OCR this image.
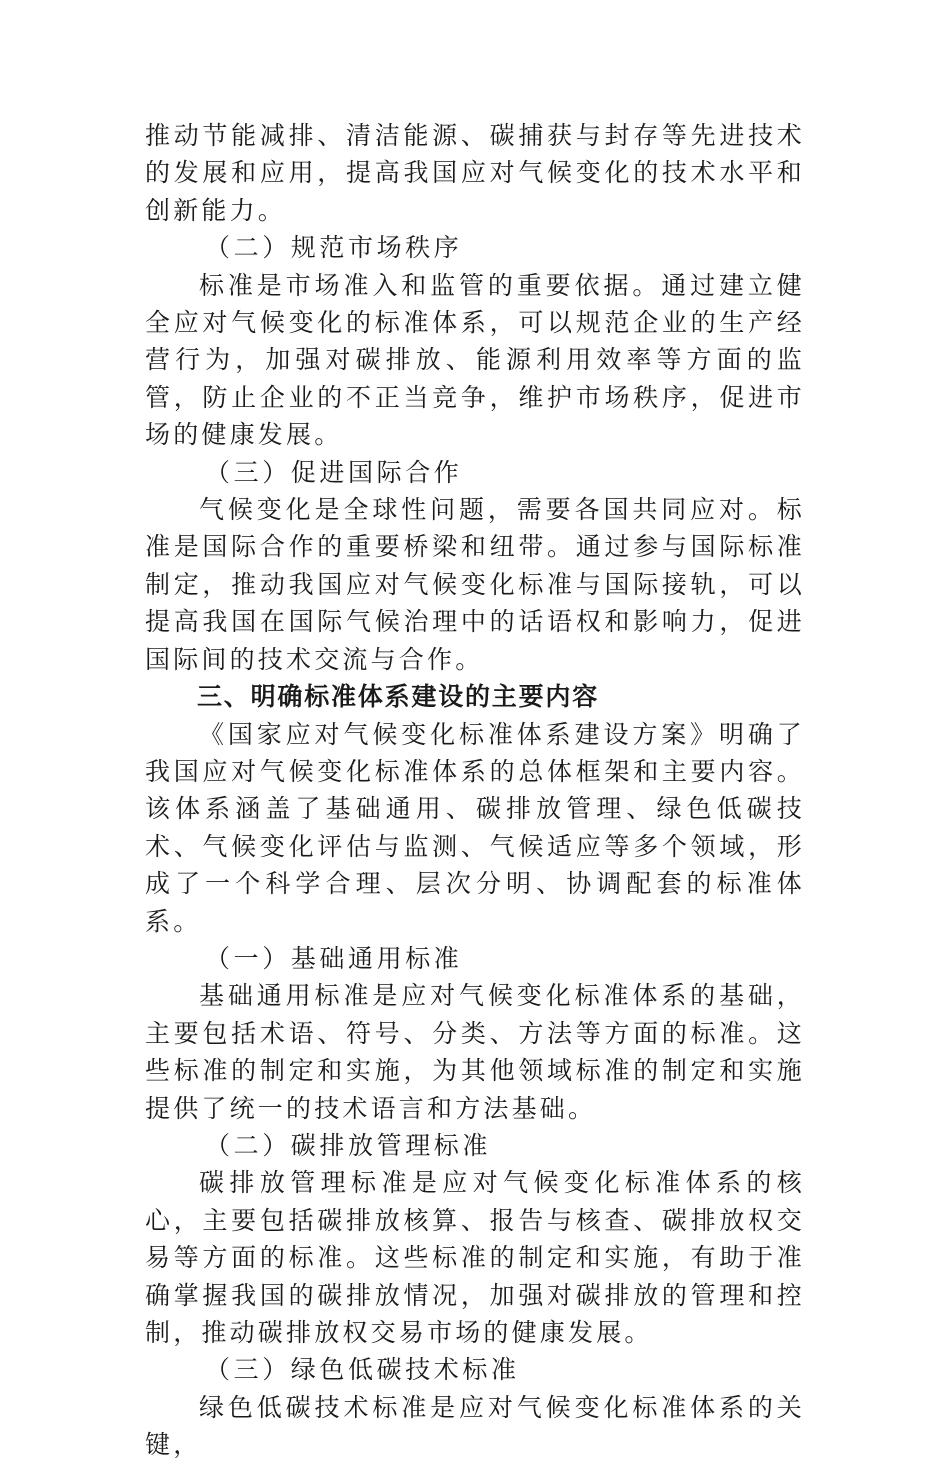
推动节能减排、清洁能源、碳捕获与封存等先进技术的发展和应用，提高我国应对气候变化的技术水平和创新能力。

（二）规范市场秩序

标准是市场准入和监管的重要依据。通过建立健全应对气候变化的标准体系，可以规范企业的生产经营行为，加强对碳排放、能源利用效率等方面的监管，防止企业的不正当竞争，维护市场秩序，促进市场的健康发展。

（三）促进国际合作

气候变化是全球性问题，需要各国共同应对。标准是国际合作的重要桥梁和纽带。通过参与国际标准制定，推动我国应对气候变化标准与国际接轨，可以提高我国在国际气候治理中的话语权和影响力，促进国际间的技术交流与合作。

三、明确标准体系建设的主要内容

《国家应对气候变化标准体系建设方案》明确了我国应对气候变化标准体系的总体框架和主要内容。该体系涵盖了基础通用、碳排放管理、绿色低碳技术、气候变化评估与监测、气候适应等多个领域，形成了一个科学合理、层次分明、协调配套的标准体系。

（一）基础通用标准

基础通用标准是应对气候变化标准体系的基础，主要包括术语、符号、分类、方法等方面的标准。这些标准的制定和实施，为其他领域标准的制定和实施提供了统一的技术语言和方法基础。

（二）碳排放管理标准

碳排放管理标准是应对气候变化标准体系的核心，主要包括碳排放核算、报告与核查、碳排放权交易等方面的标准。这些标准的制定和实施，有助于准确掌握我国的碳排放情况，加强对碳排放的管理和控制，推动碳排放权交易市场的健康发展。

（三）绿色低碳技术标准

绿色低碳技术标准是应对气候变化标准体系的关键，
